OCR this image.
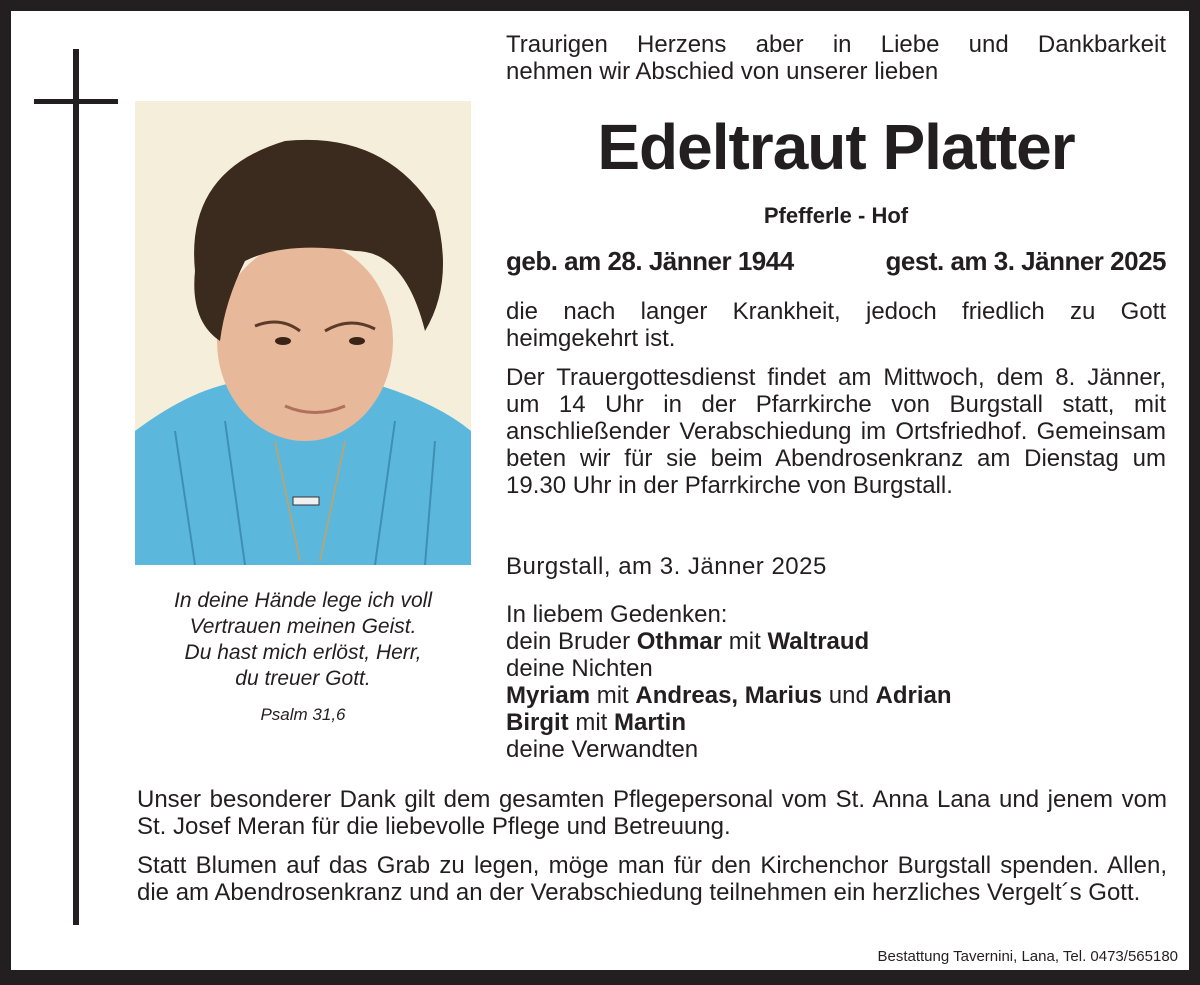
In deine Hände lege ich voll
Vertrauen meinen Geist.
Du hast mich erlöst, Herr,
du treuer Gott.
Psalm 31,6
Traurigen Herzens aber in Liebe und Dankbarkeit
nehmen wir Abschied von unserer lieben
Edeltraut Platter
Pfefferle - Hof
geb. am 28. Jänner 1944	gest. am 3. Jänner 2025
die nach langer Krankheit, jedoch friedlich zu Gott heimgekehrt ist.
Der Trauergottesdienst findet am Mittwoch, dem 8. Jänner, um 14 Uhr in der Pfarrkirche von Burgstall statt, mit anschließender Verabschiedung im Ortsfriedhof. Gemeinsam beten wir für sie beim Abendrosenkranz am Dienstag um 19.30 Uhr in der Pfarrkirche von Burgstall.
Burgstall, am 3. Jänner 2025
In liebem Gedenken:
dein Bruder Othmar mit Waltraud
deine Nichten
Myriam mit Andreas, Marius und Adrian
Birgit mit Martin
deine Verwandten
Unser besonderer Dank gilt dem gesamten Pflegepersonal vom St. Anna Lana und jenem vom St. Josef Meran für die liebevolle Pflege und Betreuung.
Statt Blumen auf das Grab zu legen, möge man für den Kirchenchor Burgstall spenden. Allen, die am Abendrosenkranz und an der Verabschiedung teilnehmen ein herzliches Vergelt´s Gott.
Bestattung Tavernini, Lana, Tel. 0473/565180
